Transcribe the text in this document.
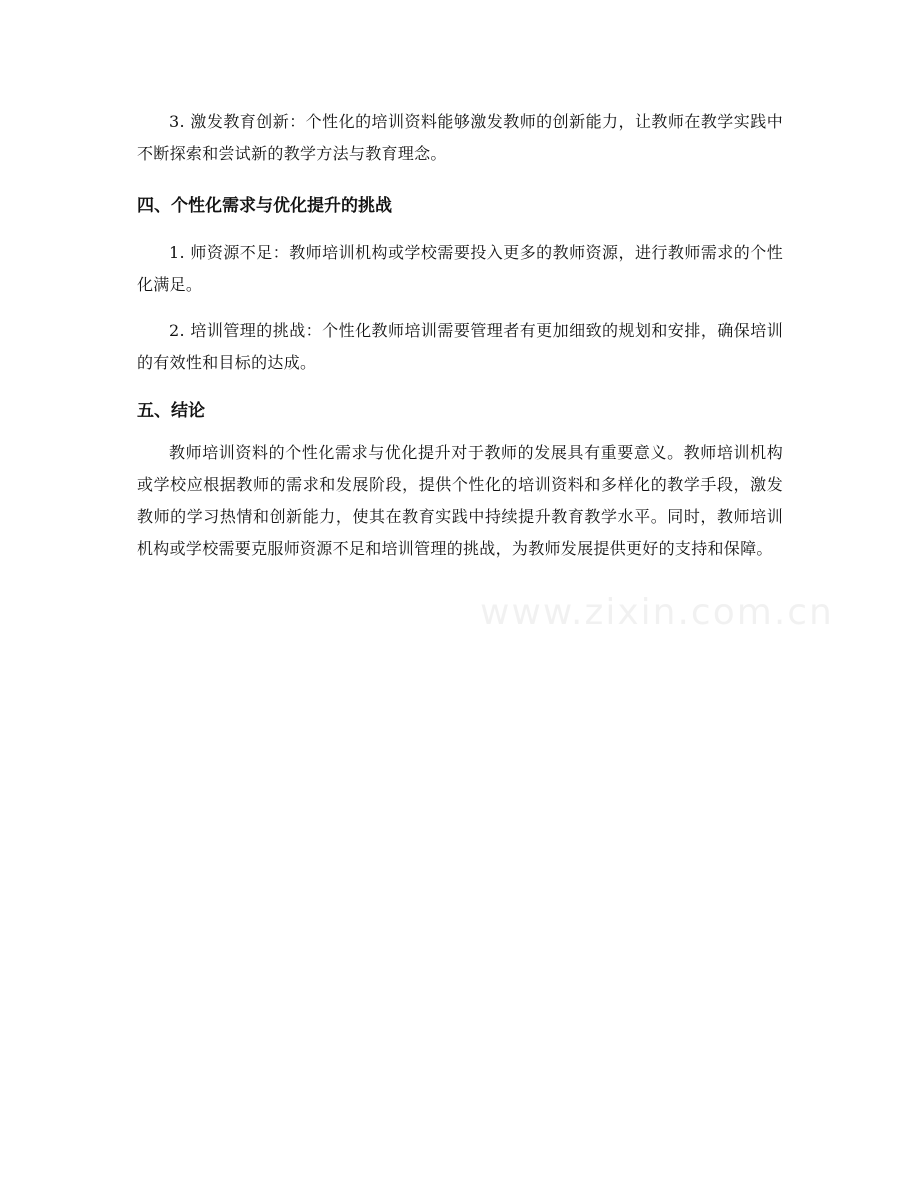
3. 激发教育创新：个性化的培训资料能够激发教师的创新能力，让教师在教学实践中不断探索和尝试新的教学方法与教育理念。

四、个性化需求与优化提升的挑战

1. 师资源不足：教师培训机构或学校需要投入更多的教师资源，进行教师需求的个性化满足。

2. 培训管理的挑战：个性化教师培训需要管理者有更加细致的规划和安排，确保培训的有效性和目标的达成。

五、结论

教师培训资料的个性化需求与优化提升对于教师的发展具有重要意义。教师培训机构或学校应根据教师的需求和发展阶段，提供个性化的培训资料和多样化的教学手段，激发教师的学习热情和创新能力，使其在教育实践中持续提升教育教学水平。同时，教师培训机构或学校需要克服师资源不足和培训管理的挑战，为教师发展提供更好的支持和保障。

www.zixin.com.cn
